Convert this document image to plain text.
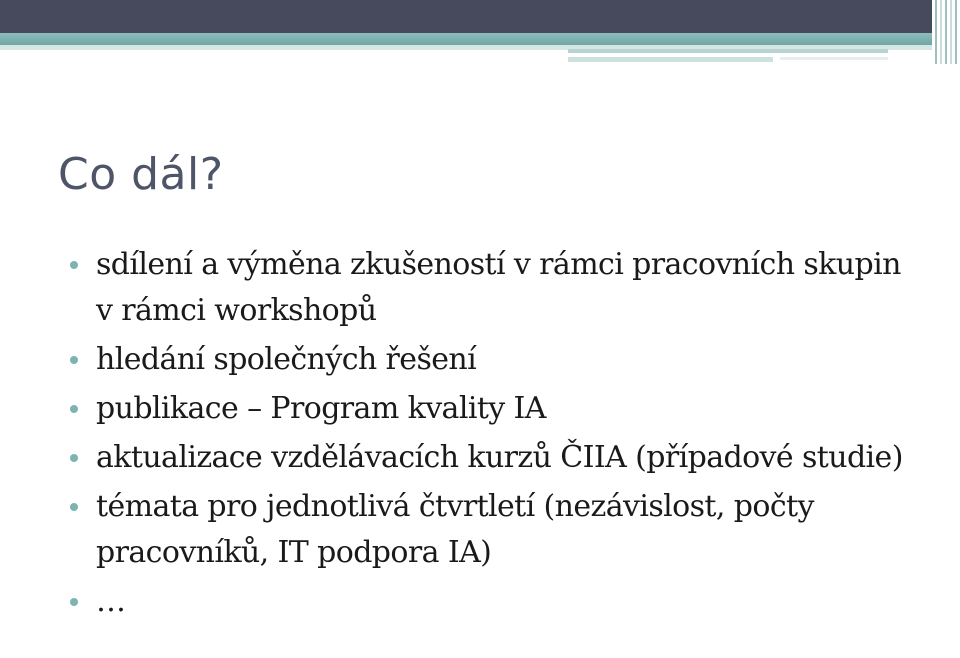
Co dál?
sdílení a výměna zkušeností v rámci pracovních skupin v rámci workshopů
hledání společných řešení
publikace – Program kvality IA
aktualizace vzdělávacích kurzů ČIIA (případové studie)
témata pro jednotlivá čtvrtletí (nezávislost, počty pracovníků, IT podpora IA)
…
